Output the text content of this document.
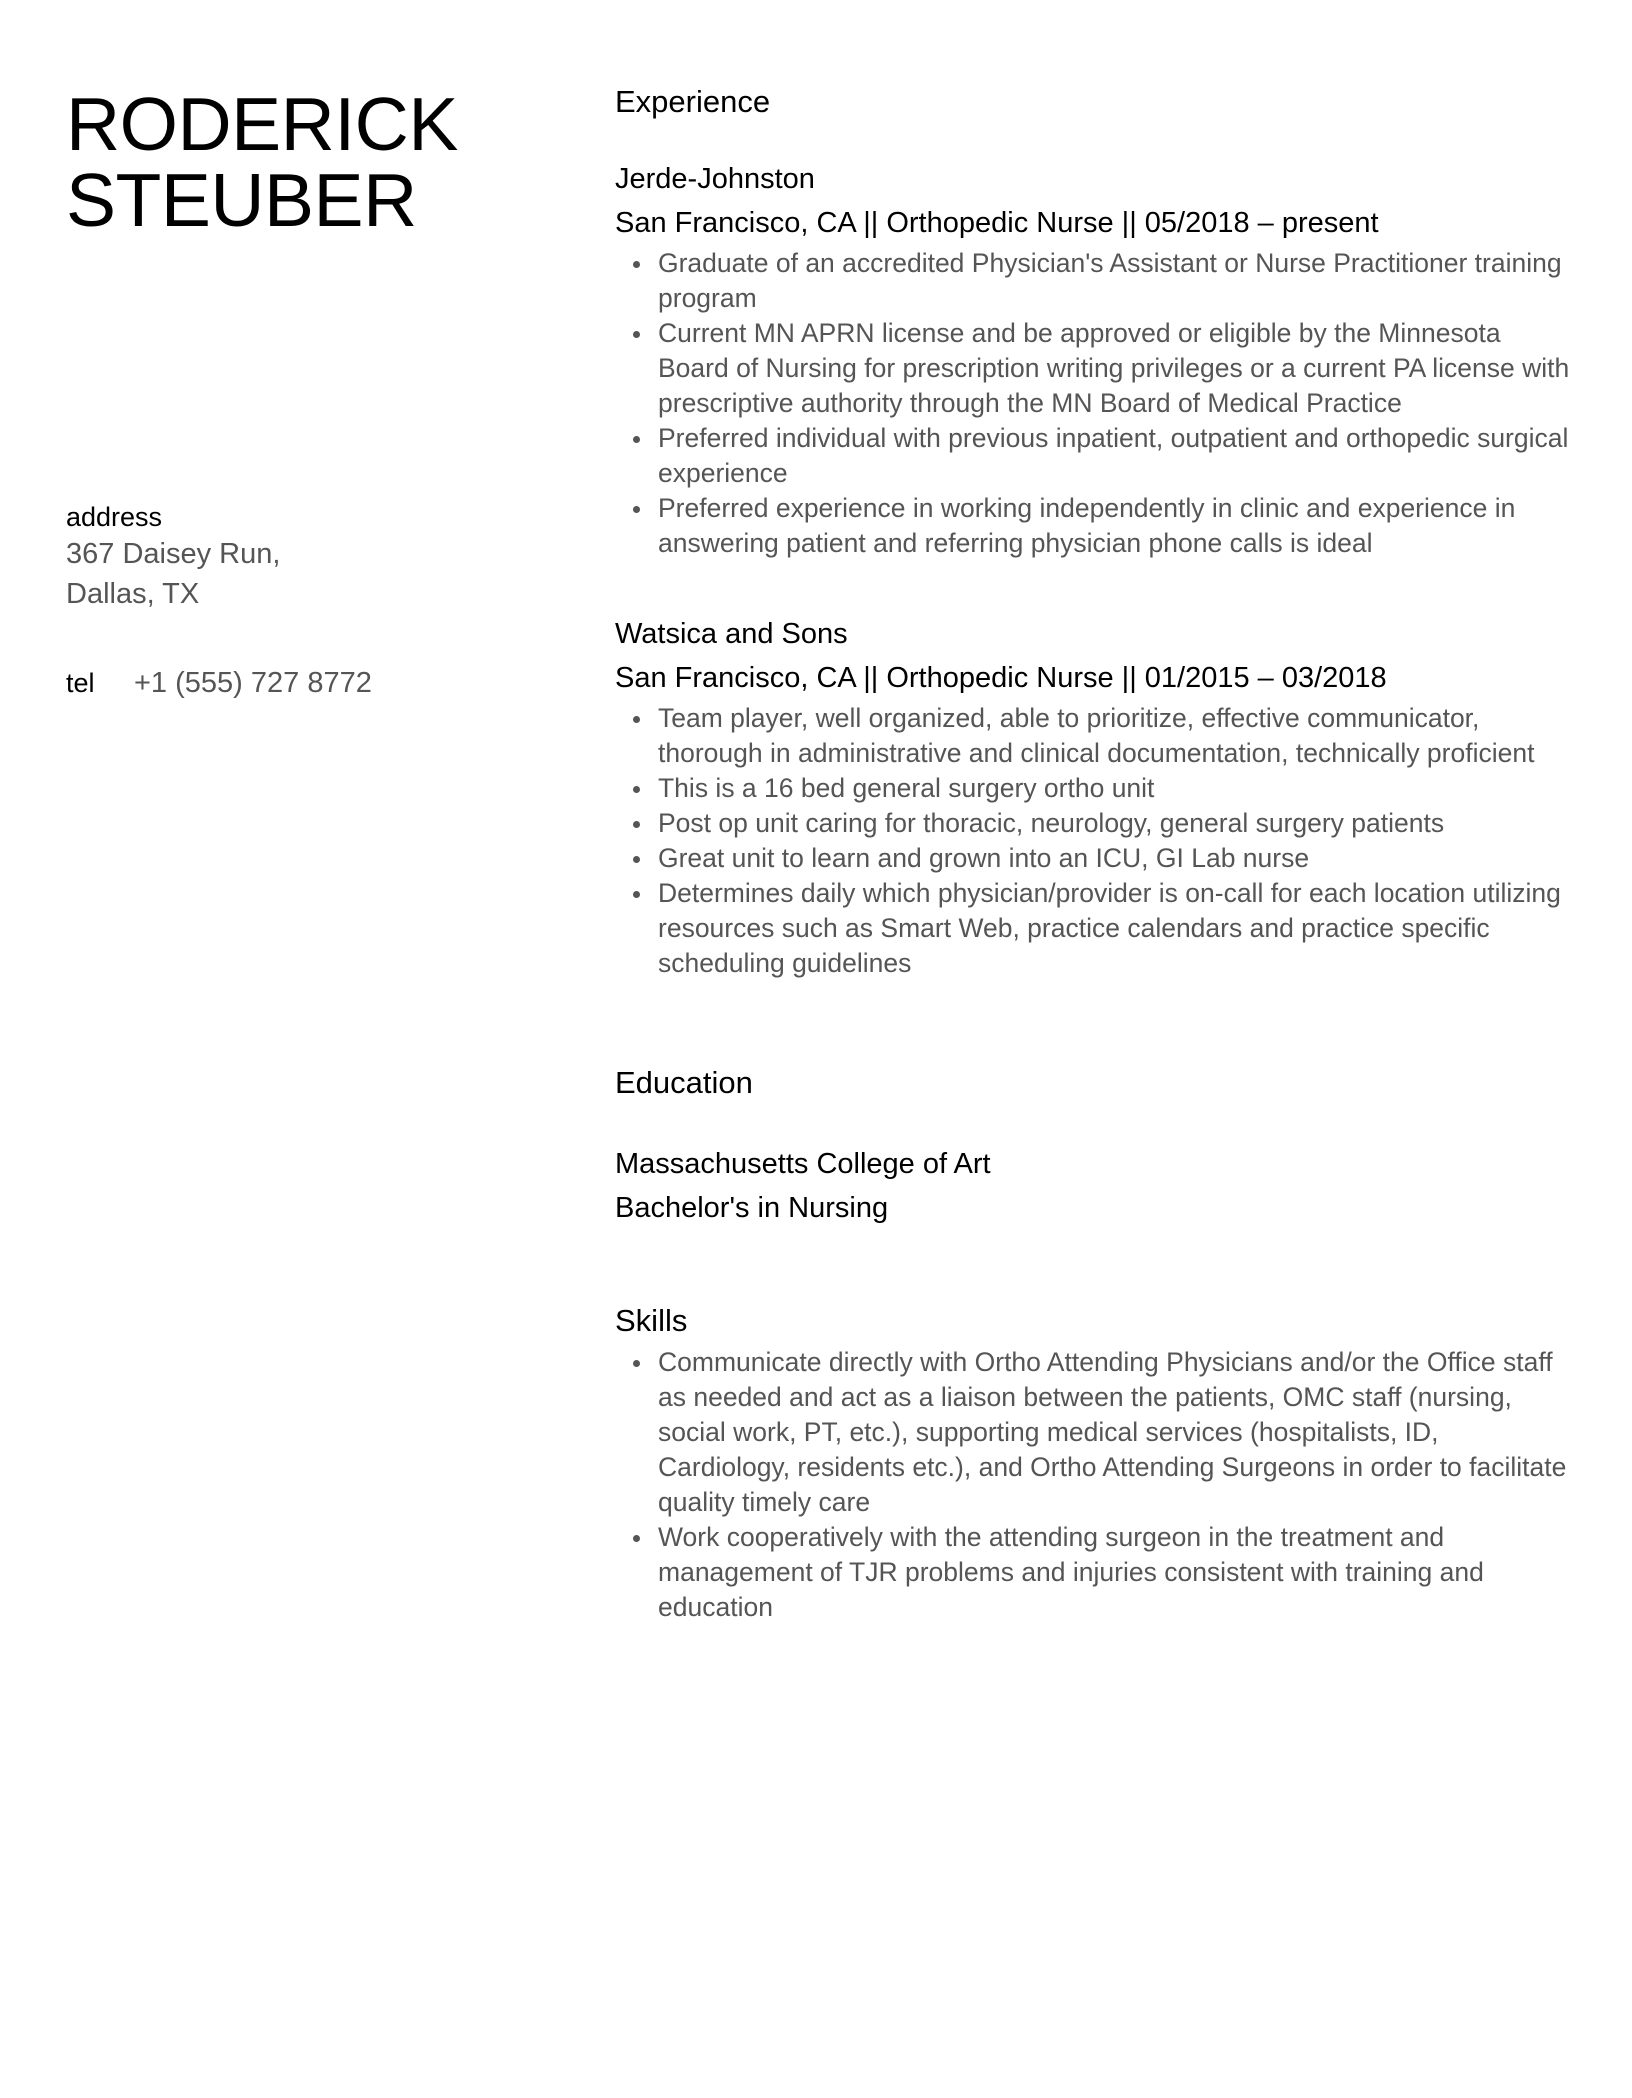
RODERICK
STEUBER
address
367 Daisey Run,
Dallas, TX
tel	+1 (555) 727 8772
Experience
Jerde-Johnston
San Francisco, CA || Orthopedic Nurse || 05/2018 – present
Graduate of an accredited Physician's Assistant or Nurse Practitioner training program
Current MN APRN license and be approved or eligible by the Minnesota Board of Nursing for prescription writing privileges or a current PA license with prescriptive authority through the MN Board of Medical Practice
Preferred individual with previous inpatient, outpatient and orthopedic surgical experience
Preferred experience in working independently in clinic and experience in answering patient and referring physician phone calls is ideal
Watsica and Sons
San Francisco, CA || Orthopedic Nurse || 01/2015 – 03/2018
Team player, well organized, able to prioritize, effective communicator, thorough in administrative and clinical documentation, technically proficient
This is a 16 bed general surgery ortho unit
Post op unit caring for thoracic, neurology, general surgery patients
Great unit to learn and grown into an ICU, GI Lab nurse
Determines daily which physician/provider is on-call for each location utilizing resources such as Smart Web, practice calendars and practice specific scheduling guidelines
Education
Massachusetts College of Art
Bachelor's in Nursing
Skills
Communicate directly with Ortho Attending Physicians and/or the Office staff as needed and act as a liaison between the patients, OMC staff (nursing, social work, PT, etc.), supporting medical services (hospitalists, ID, Cardiology, residents etc.), and Ortho Attending Surgeons in order to facilitate quality timely care
Work cooperatively with the attending surgeon in the treatment and management of TJR problems and injuries consistent with training and education
